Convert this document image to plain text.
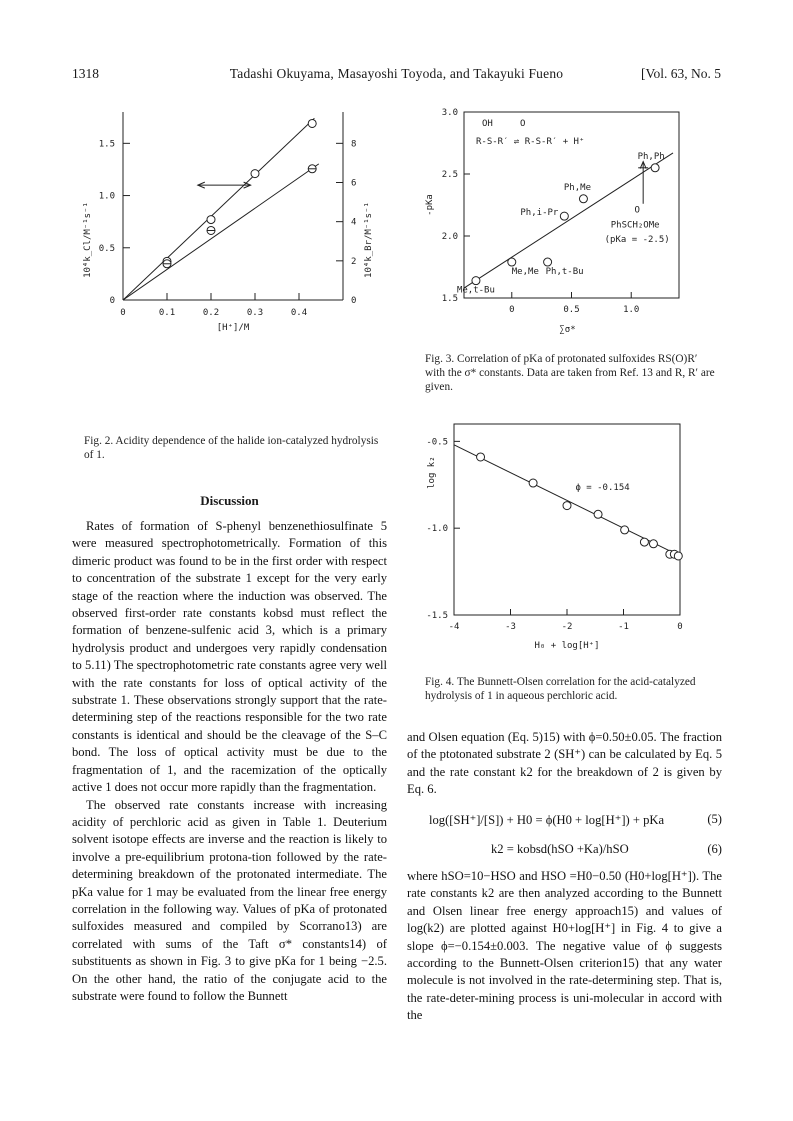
1318	Tadashi Okuyama, Masayoshi Toyoda, and Takayuki Fueno	[Vol. 63, No. 5
0	0.1	0.2	0.3	0.4
0
0.5
1.0
1.5
0
2
4
6
8
[H⁺]/M
10⁴k_Cl/M⁻¹s⁻¹	10⁴k_Br/M⁻¹s⁻¹
Fig. 2. Acidity dependence of the halide ion-catalyzed hydrolysis of 1.
0	0.5	1.0
1.5
2.0
2.5
3.0
∑σ*
-pKa
Me,t-Bu
Me,Me Ph,t-Bu
Ph,i-Pr
Ph,Me
Ph,Ph
OH	O
R-S-R′ ⇌ R-S-R′ + H⁺
O
PhSCH₂OMe
(pKa = -2.5)
Fig. 3. Correlation of pKa of protonated sulfoxides RS(O)R′ with the σ* constants. Data are taken from Ref. 13 and R, R′ are given.
-4	-3	-2	-1	0
-0.5
-1.0
-1.5
H₀ + log[H⁺]
log k₂	ϕ = -0.154
Fig. 4. The Bunnett-Olsen correlation for the acid-catalyzed hydrolysis of 1 in aqueous perchloric acid.
Discussion

Rates of formation of S-phenyl benzenethiosulfinate 5 were measured spectrophotometrically. Formation of this dimeric product was found to be in the first order with respect to concentration of the substrate 1 except for the very early stage of the reaction where the induction was observed. The observed first-order rate constants kobsd must reflect the formation of benzene-sulfenic acid 3, which is a primary hydrolysis product and undergoes very rapidly condensation to 5.11) The spectrophotometric rate constants agree very well with the rate constants for loss of optical activity of the substrate 1. These observations strongly support that the rate-determining step of the reactions responsible for the two rate constants is identical and should be the cleavage of the S–C bond. The loss of optical activity must be due to the fragmentation of 1, and the racemization of the optically active 1 does not occur more rapidly than the fragmentation.

The observed rate constants increase with increasing acidity of perchloric acid as given in Table 1. Deuterium solvent isotope effects are inverse and the reaction is likely to involve a pre-equilibrium protona-tion followed by the rate-determining breakdown of the protonated intermediate. The pKa value for 1 may be evaluated from the linear free energy correlation in the following way. Values of pKa of protonated sulfoxides measured and compiled by Scorrano13) are correlated with sums of the Taft σ* constants14) of substituents as shown in Fig. 3 to give pKa for 1 being −2.5. On the other hand, the ratio of the conjugate acid to the substrate were found to follow the Bunnett

and Olsen equation (Eq. 5)15) with ϕ=0.50±0.05. The fraction of the ptotonated substrate 2 (SH⁺) can be calculated by Eq. 5 and the rate constant k2 for the breakdown of 2 is given by Eq. 6.

log([SH⁺]/[S]) + H0 = ϕ(H0 + log[H⁺]) + pKa	(5)
k2 = kobsd(hSO +Ka)/hSO	(6)

where hSO=10−HSO and HSO =H0−0.50 (H0+log[H⁺]). The rate constants k2 are then analyzed according to the Bunnett and Olsen linear free energy approach15) and values of log(k2) are plotted against H0+log[H⁺] in Fig. 4 to give a slope ϕ=−0.154±0.003. The negative value of ϕ suggests according to the Bunnett-Olsen criterion15) that any water molecule is not involved in the rate-determining step. That is, the rate-deter-mining process is uni-molecular in accord with the
